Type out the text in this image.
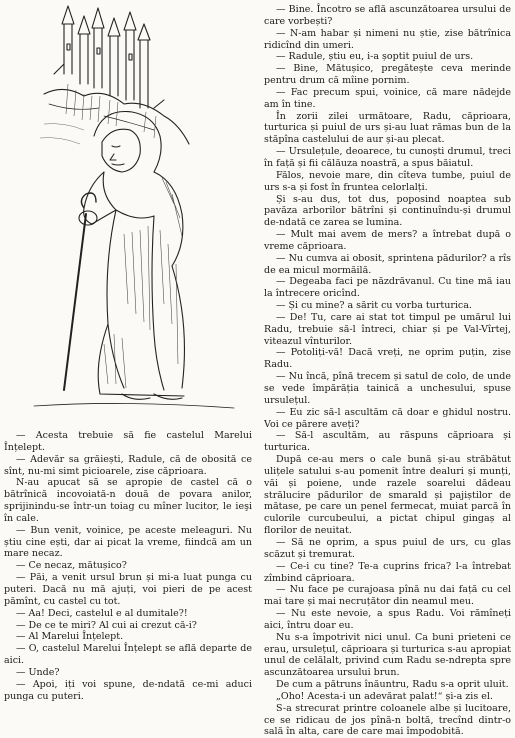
— Acesta trebuie să fie castelul Marelui Înțelept.

— Adevăr sa grăiești, Radule, că de obosită ce sînt, nu-mi simt picioarele, zise căprioara.

N-au apucat să se apropie de castel că o bătrînică incovoiată-n două de povara anilor, sprijinindu-se într-un toiag cu mîner lucitor, le ieşi în cale.

— Bun venit, voinice, pe aceste meleaguri. Nu știu cine ești, dar ai picat la vreme, fiindcă am un mare necaz.

— Ce necaz, mătușico?

— Păi, a venit ursul brun și mi-a luat punga cu puteri. Dacă nu mă ajuți, voi pieri de pe acest pămînt, cu castel cu tot.

— Aa! Deci, castelul e al dumitale?!

— De ce te miri? Al cui ai crezut că-i?

— Al Marelui Înțelept.

— O, castelul Marelui Înțelept se află departe de aici.

— Unde?

— Apoi, iți voi spune, de-ndată ce-mi aduci punga cu puteri.

— Bine. Încotro se află ascunzătoarea ursului de care vorbești?

— N-am habar și nimeni nu știe, zise bătrînica ridicînd din umeri.

— Radule, știu eu, i-a șoptit puiul de urs.

— Bine, Mătușico, pregătește ceva merinde pentru drum că mîine pornim.

— Fac precum spui, voinice, că mare nădejde am în tine.

În zorii zilei următoare, Radu, căprioara, turturica și puiul de urs și-au luat rămas bun de la stăpîna castelului de aur și-au plecat.

— Ursulețule, deoarece, tu cunoști drumul, treci în față și fii călăuza noastră, a spus băiatul.

Fălos, nevoie mare, din cîteva tumbe, puiul de urs s-a și fost în fruntea celorlalți.

Și s-au dus, tot dus, poposind noaptea sub pavăza arborilor bătrîni și continuîndu-și drumul de-ndată ce zarea se lumina.

— Mult mai avem de mers? a întrebat după o vreme căprioara.

— Nu cumva ai obosit, sprintena pădurilor? a rîs de ea micul mormăilă.

— Degeaba faci pe năzdrăvanul. Cu tine mă iau la întrecere oricînd.

— Și cu mine? a sărit cu vorba turturica.

— De! Tu, care ai stat tot timpul pe umărul lui Radu, trebuie să-l întreci, chiar și pe Val-Vîrtej, viteazul vînturilor.

— Potoliți-vă! Dacă vreți, ne oprim puțin, zise Radu.

— Nu încă, pînă trecem și satul de colo, de unde se vede împărăția tainică a unchesului, spuse ursulețul.

— Eu zic să-l ascultăm că doar e ghidul nostru. Voi ce părere aveți?

— Să-l ascultăm, au răspuns căprioara și turturica.

După ce-au mers o cale bună și-au străbătut ulițele satului s-au pomenit între dealuri și munți, văi și poiene, unde razele soarelui dădeau strălucire pădurilor de smarald și pajiștilor de mătase, pe care un penel fermecat, muiat parcă în culorile curcubeului, a pictat chipul gingaș al florilor de neuitat.

— Să ne oprim, a spus puiul de urs, cu glas scăzut și tremurat.

— Ce-i cu tine? Te-a cuprins frica? l-a întrebat zîmbind căprioara.

— Nu face pe curajoasa pînă nu dai față cu cel mai tare și mai necruțător din neamul meu.

— Nu este nevoie, a spus Radu. Voi rămîneți aici, întru doar eu.

Nu s-a împotrivit nici unul. Ca buni prieteni ce erau, ursulețul, căprioara și turturica s-au apropiat unul de celălalt, privind cum Radu se-ndrepta spre ascunzătoarea ursului brun.

De cum a pătruns înăuntru, Radu s-a oprit uluit.

„Oho! Acesta-i un adevărat palat!“ și-a zis el.

S-a strecurat printre coloanele albe și lucitoare, ce se ridicau de jos pînă-n boltă, trecînd dintr-o sală în alta, care de care mai împodobită.
